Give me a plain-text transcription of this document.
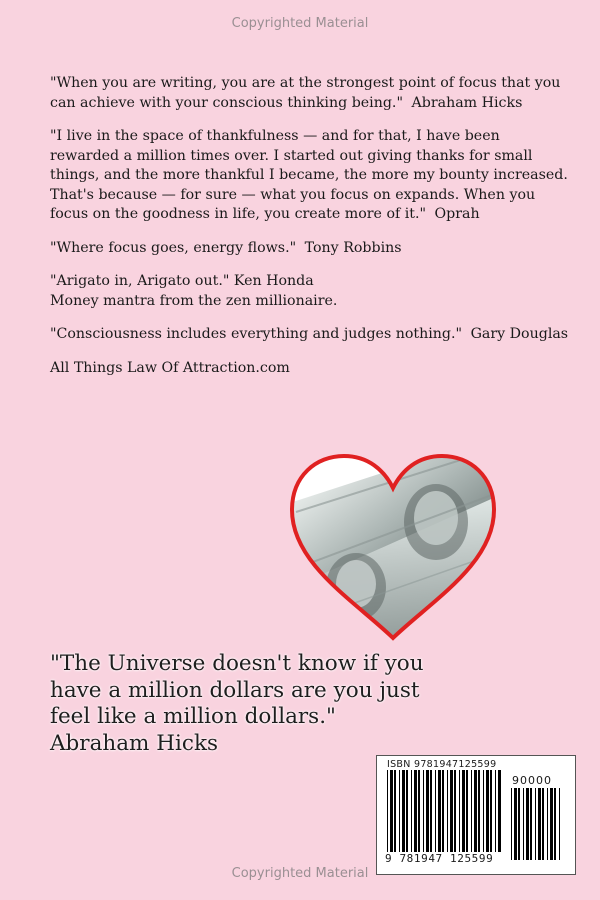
Copyrighted Material

"When you are writing, you are at the strongest point of focus that you can achieve with your conscious thinking being." Abraham Hicks

"I live in the space of thankfulness — and for that, I have been rewarded a million times over. I started out giving thanks for small things, and the more thankful I became, the more my bounty increased. That's because — for sure — what you focus on expands. When you focus on the goodness in life, you create more of it." Oprah

"Where focus goes, energy flows." Tony Robbins

"Arigato in, Arigato out." Ken Honda
Money mantra from the zen millionaire.

"Consciousness includes everything and judges nothing." Gary Douglas

All Things Law Of Attraction.com

"The Universe doesn't know if you have a million dollars are you just feel like a million dollars."
Abraham Hicks
ISBN 9781947125599
90000
9 781947 125599
Copyrighted Material
